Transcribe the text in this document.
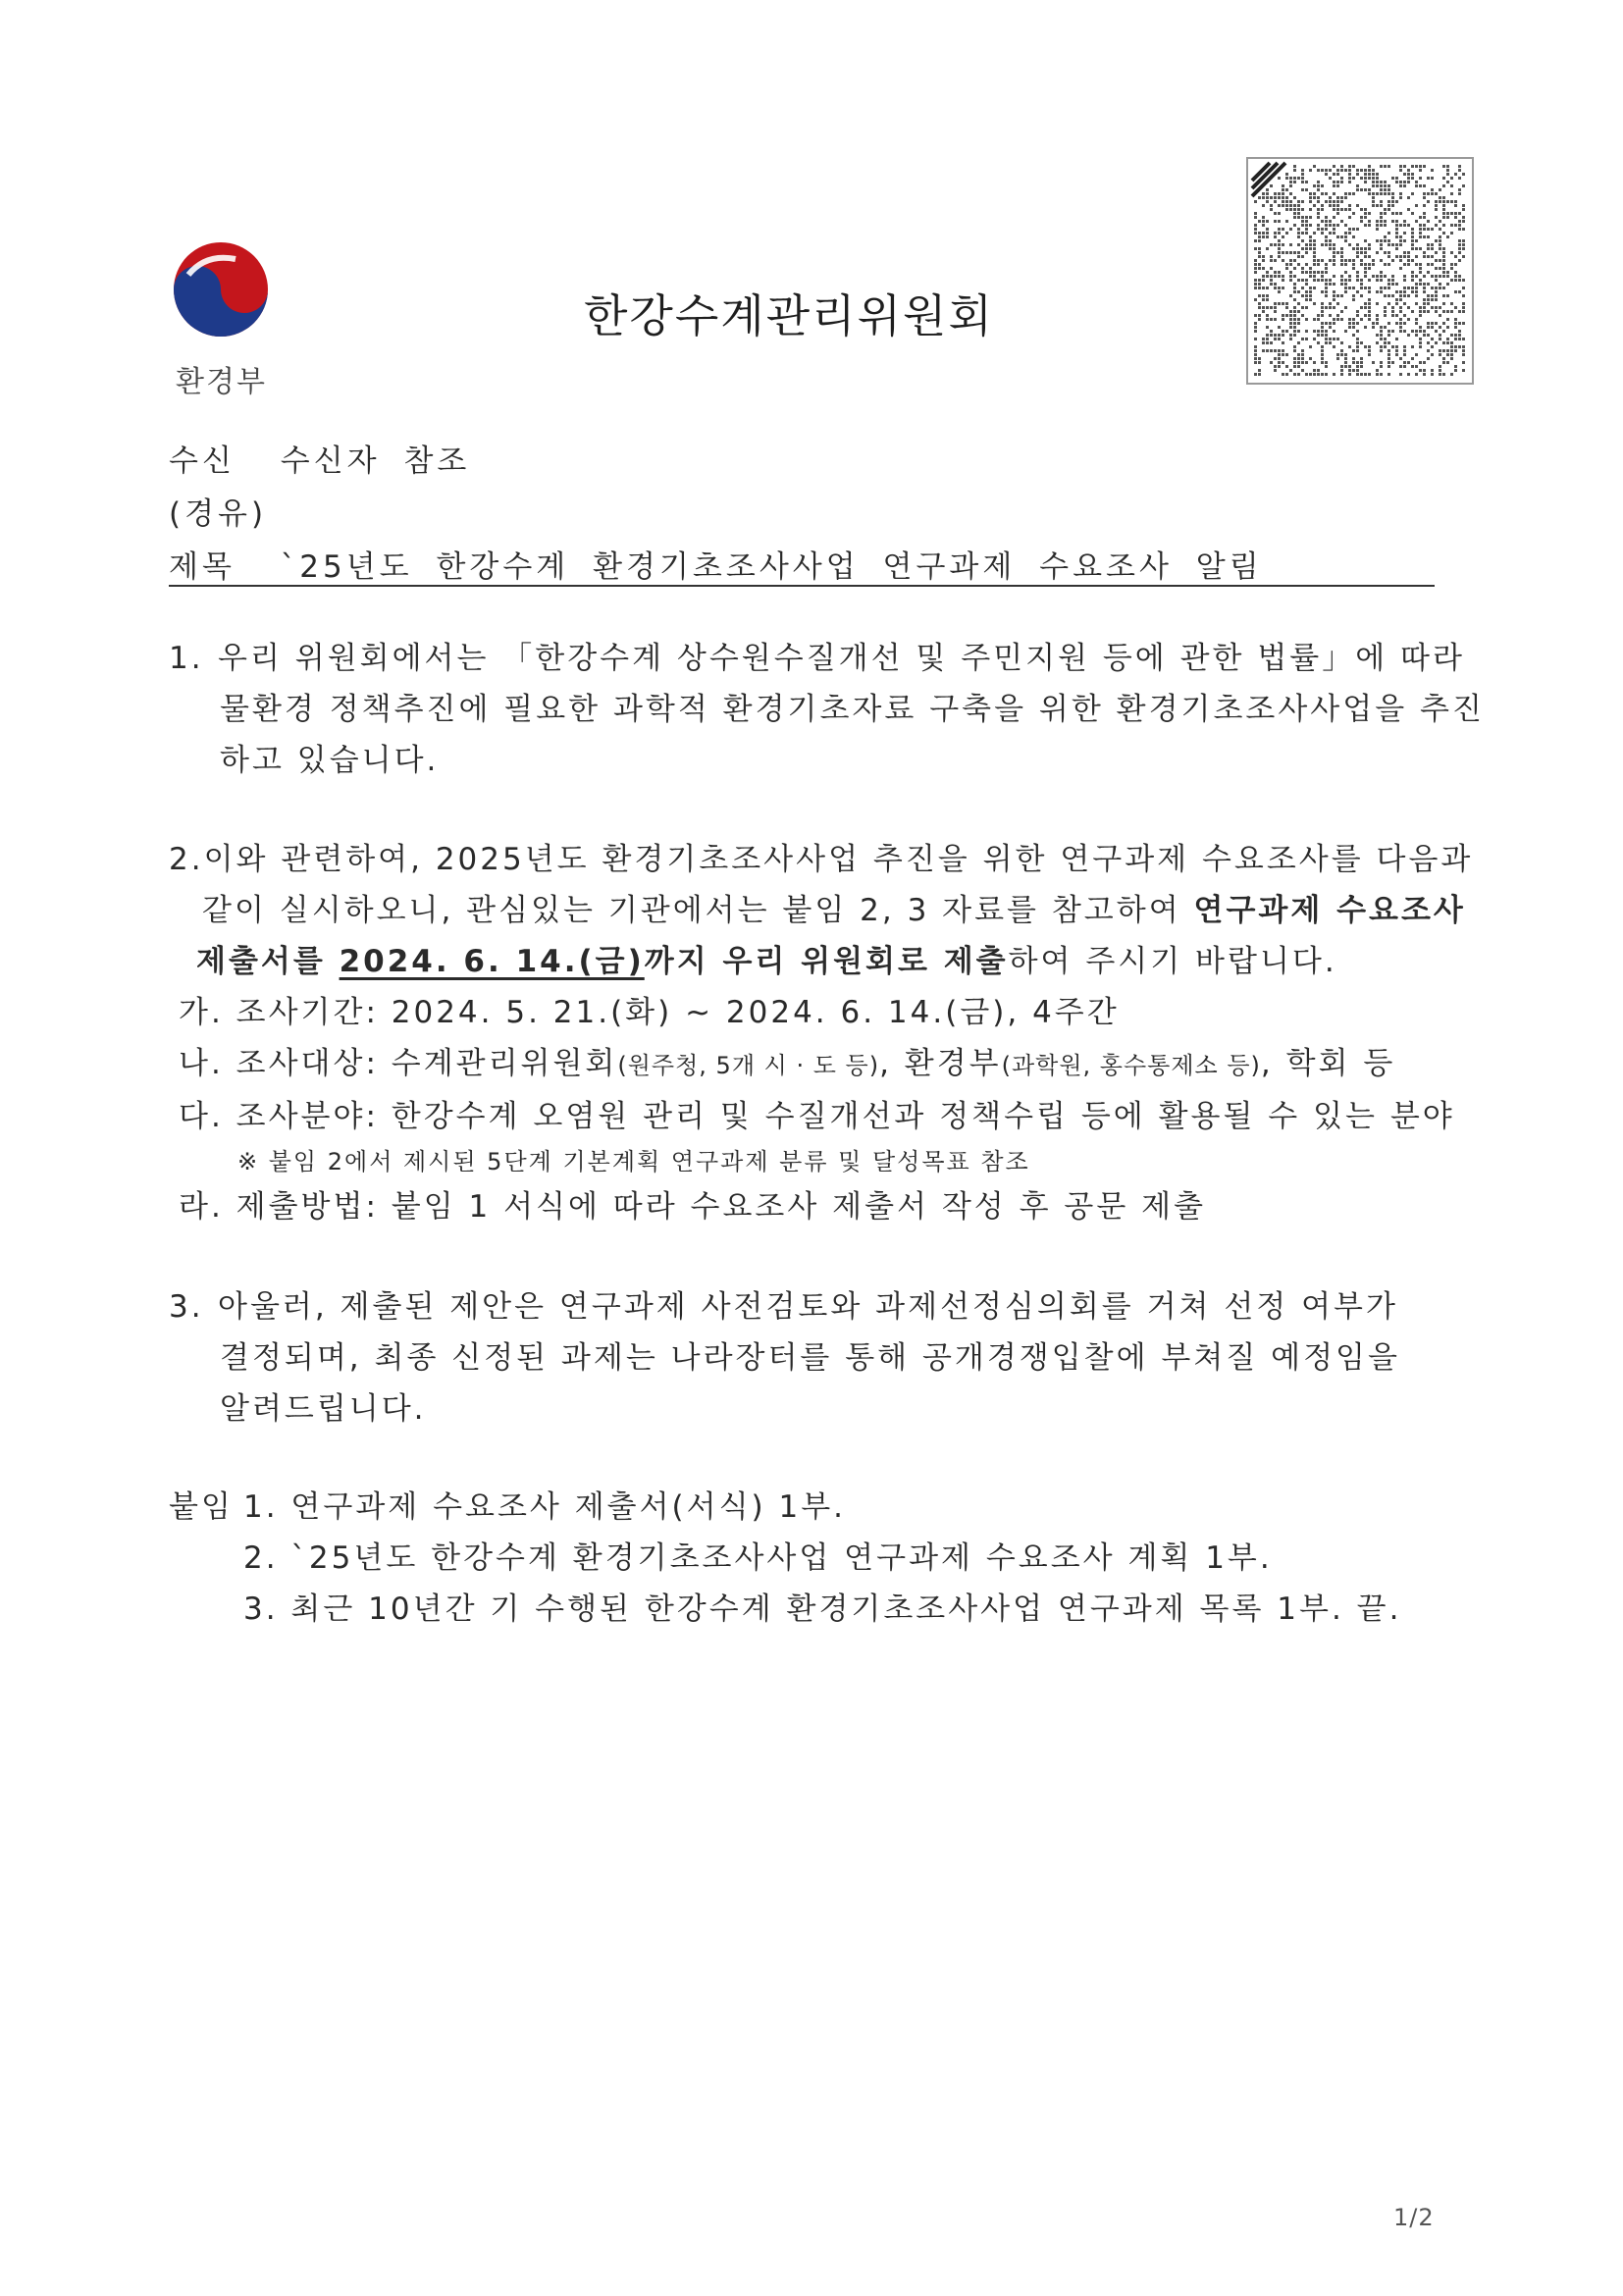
환경부
한강수계관리위원회
수신 수신자 참조
(경유)
제목 `25년도 한강수계 환경기초조사사업 연구과제 수요조사 알림
1. 우리 위원회에서는 「한강수계 상수원수질개선 및 주민지원 등에 관한 법률」에 따라
물환경 정책추진에 필요한 과학적 환경기초자료 구축을 위한 환경기초조사사업을 추진
하고 있습니다.
2.이와 관련하여, 2025년도 환경기초조사사업 추진을 위한 연구과제 수요조사를 다음과
같이 실시하오니, 관심있는 기관에서는 붙임 2, 3 자료를 참고하여 연구과제 수요조사
제출서를 2024. 6. 14.(금)까지 우리 위원회로 제출하여 주시기 바랍니다.
가. 조사기간: 2024. 5. 21.(화) ~ 2024. 6. 14.(금), 4주간
나. 조사대상: 수계관리위원회(원주청, 5개 시 · 도 등), 환경부(과학원, 홍수통제소 등), 학회 등
다. 조사분야: 한강수계 오염원 관리 및 수질개선과 정책수립 등에 활용될 수 있는 분야
※ 붙임 2에서 제시된 5단계 기본계획 연구과제 분류 및 달성목표 참조
라. 제출방법: 붙임 1 서식에 따라 수요조사 제출서 작성 후 공문 제출
3. 아울러, 제출된 제안은 연구과제 사전검토와 과제선정심의회를 거쳐 선정 여부가
결정되며, 최종 신정된 과제는 나라장터를 통해 공개경쟁입찰에 부쳐질 예정임을
알려드립니다.
붙임 1. 연구과제 수요조사 제출서(서식) 1부.
2. `25년도 한강수계 환경기초조사사업 연구과제 수요조사 계획 1부.
3. 최근 10년간 기 수행된 한강수계 환경기초조사사업 연구과제 목록 1부. 끝.
1/2
